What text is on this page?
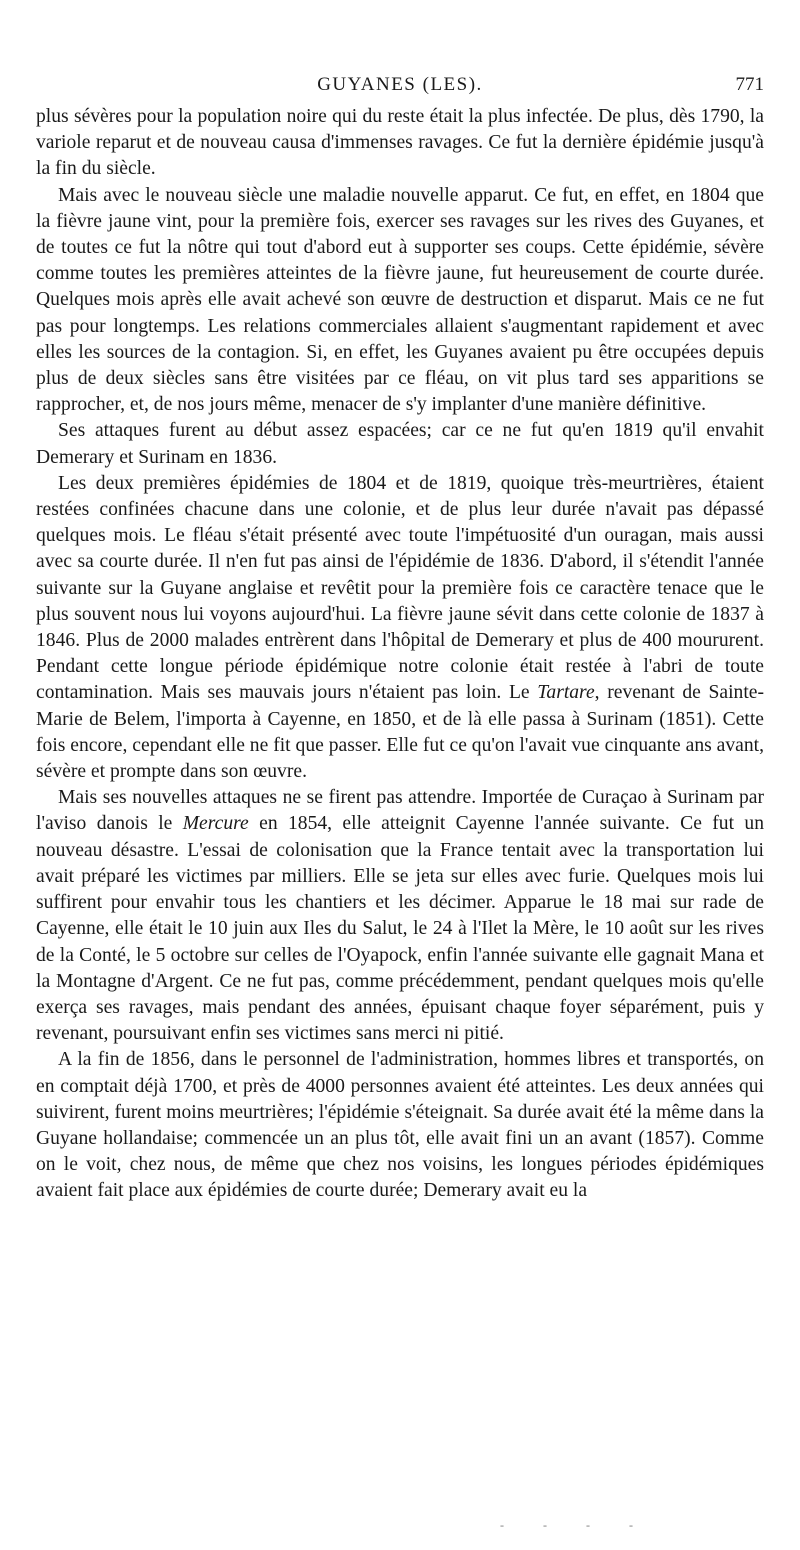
GUYANES (LES).	771

plus sévères pour la population noire qui du reste était la plus infectée. De plus, dès 1790, la variole reparut et de nouveau causa d'immenses ravages. Ce fut la dernière épidémie jusqu'à la fin du siècle.

Mais avec le nouveau siècle une maladie nouvelle apparut. Ce fut, en effet, en 1804 que la fièvre jaune vint, pour la première fois, exercer ses ravages sur les rives des Guyanes, et de toutes ce fut la nôtre qui tout d'abord eut à supporter ses coups. Cette épidémie, sévère comme toutes les premières atteintes de la fièvre jaune, fut heureusement de courte durée. Quelques mois après elle avait achevé son œuvre de destruction et disparut. Mais ce ne fut pas pour longtemps. Les relations commerciales allaient s'augmentant rapidement et avec elles les sources de la contagion. Si, en effet, les Guyanes avaient pu être occupées depuis plus de deux siècles sans être visitées par ce fléau, on vit plus tard ses apparitions se rapprocher, et, de nos jours même, menacer de s'y implanter d'une manière définitive.

Ses attaques furent au début assez espacées; car ce ne fut qu'en 1819 qu'il envahit Demerary et Surinam en 1836.

Les deux premières épidémies de 1804 et de 1819, quoique très-meurtrières, étaient restées confinées chacune dans une colonie, et de plus leur durée n'avait pas dépassé quelques mois. Le fléau s'était présenté avec toute l'impétuosité d'un ouragan, mais aussi avec sa courte durée. Il n'en fut pas ainsi de l'épidémie de 1836. D'abord, il s'étendit l'année suivante sur la Guyane anglaise et revêtit pour la première fois ce caractère tenace que le plus souvent nous lui voyons aujourd'hui. La fièvre jaune sévit dans cette colonie de 1837 à 1846. Plus de 2000 malades entrèrent dans l'hôpital de Demerary et plus de 400 moururent. Pendant cette longue période épidémique notre colonie était restée à l'abri de toute contamination. Mais ses mauvais jours n'étaient pas loin. Le Tartare, revenant de Sainte-Marie de Belem, l'importa à Cayenne, en 1850, et de là elle passa à Surinam (1851). Cette fois encore, cependant elle ne fit que passer. Elle fut ce qu'on l'avait vue cinquante ans avant, sévère et prompte dans son œuvre.

Mais ses nouvelles attaques ne se firent pas attendre. Importée de Curaçao à Surinam par l'aviso danois le Mercure en 1854, elle atteignit Cayenne l'année suivante. Ce fut un nouveau désastre. L'essai de colonisation que la France tentait avec la transportation lui avait préparé les victimes par milliers. Elle se jeta sur elles avec furie. Quelques mois lui suffirent pour envahir tous les chantiers et les décimer. Apparue le 18 mai sur rade de Cayenne, elle était le 10 juin aux Iles du Salut, le 24 à l'Ilet la Mère, le 10 août sur les rives de la Conté, le 5 octobre sur celles de l'Oyapock, enfin l'année suivante elle gagnait Mana et la Montagne d'Argent. Ce ne fut pas, comme précédemment, pendant quelques mois qu'elle exerça ses ravages, mais pendant des années, épuisant chaque foyer séparément, puis y revenant, poursuivant enfin ses victimes sans merci ni pitié.

A la fin de 1856, dans le personnel de l'administration, hommes libres et transportés, on en comptait déjà 1700, et près de 4000 personnes avaient été atteintes. Les deux années qui suivirent, furent moins meurtrières; l'épidémie s'éteignait. Sa durée avait été la même dans la Guyane hollandaise; commencée un an plus tôt, elle avait fini un an avant (1857). Comme on le voit, chez nous, de même que chez nos voisins, les longues périodes épidémiques avaient fait place aux épidémies de courte durée; Demerary avait eu la

- - - -
